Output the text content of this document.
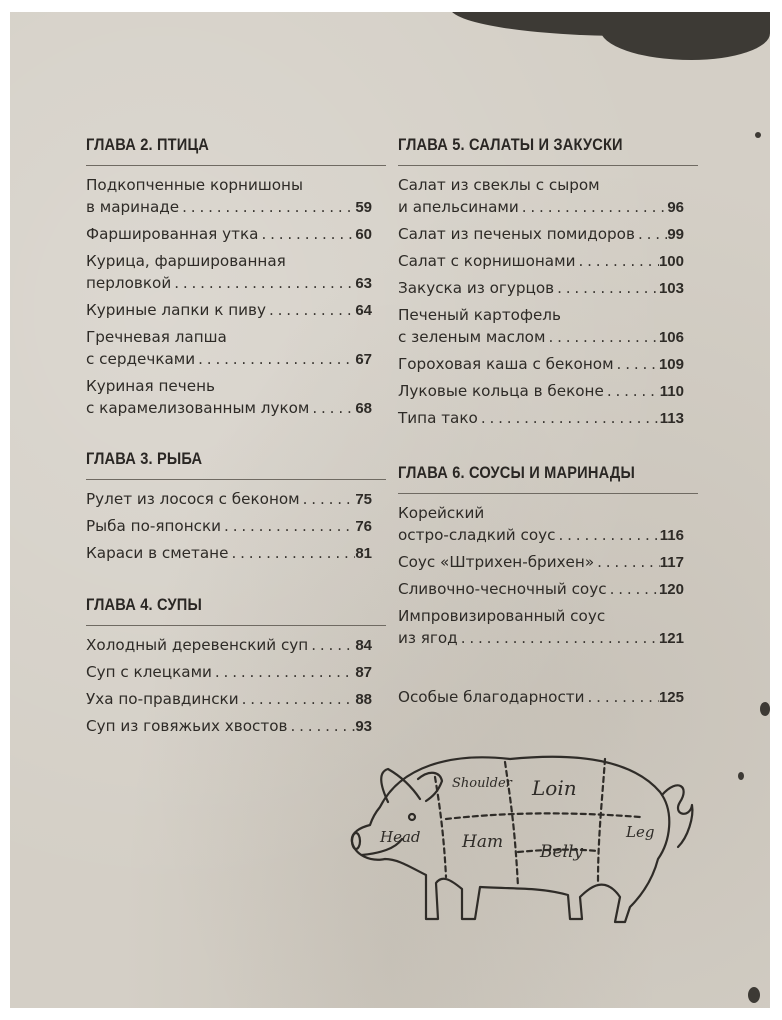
ГЛАВА 2. ПТИЦА
Подкопченные корнишоны
в маринаде . . .	59
Фаршированная утка . . .	60
Курица, фаршированная
перловкой . . .	63
Куриные лапки к пиву . . .	64
Гречневая лапша
с сердечками . . .	67
Куриная печень
с карамелизованным луком . . .	68
ГЛАВА 3. РЫБА
Рулет из лосося с беконом . . .	75
Рыба по-японски . . .	76
Караси в сметане . . .	81
ГЛАВА 4. СУПЫ
Холодный деревенский суп . . .	84
Суп с клецками . . .	87
Уха по-правдински . . .	88
Суп из говяжьих хвостов . . .	93
ГЛАВА 5. САЛАТЫ И ЗАКУСКИ
Салат из свеклы с сыром
и апельсинами . . .	96
Салат из печеных помидоров . . . 99
Салат с корнишонами . . .	100
Закуска из огурцов . . .	103
Печеный картофель
с зеленым маслом . . .	106
Гороховая каша с беконом . . .	109
Луковые кольца в беконе . . .	110
Типа тако . . .	113
ГЛАВА 6. СОУСЫ И МАРИНАДЫ
Корейский
остро-сладкий соус . . .	116
Соус «Штрихен-брихен» . . .	117
Сливочно-чесночный соус . . .	120
Импровизированный соус
из ягод . . .	121
Особые благодарности . . .	125
Shoulder Loin
Head Ham Belly
Leg
